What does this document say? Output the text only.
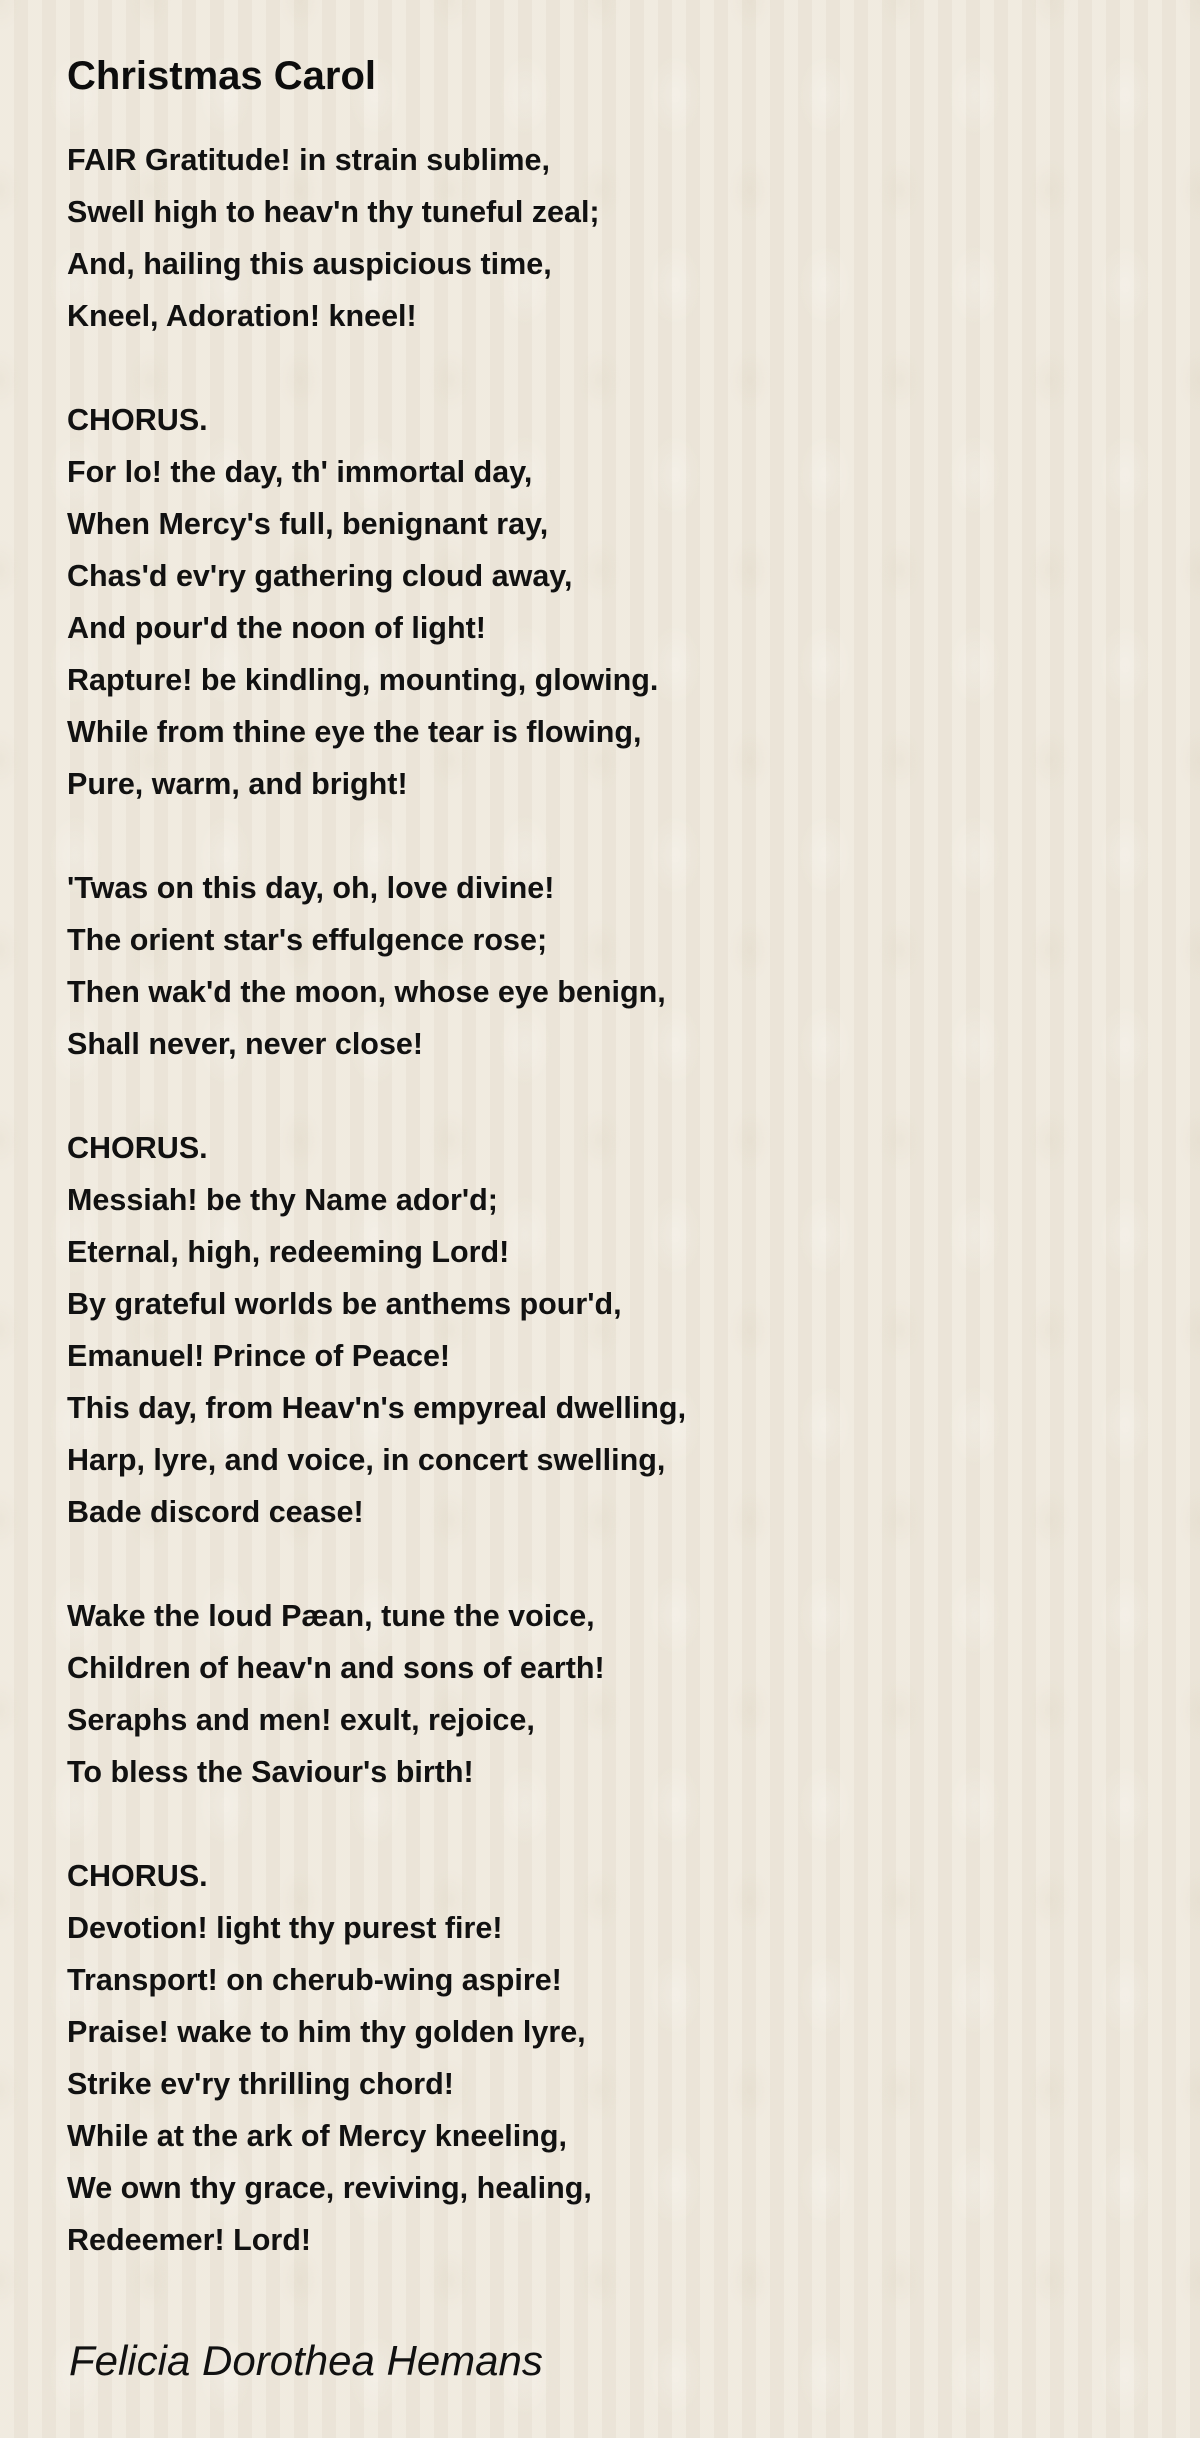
Christmas Carol
FAIR Gratitude! in strain sublime,
Swell high to heav'n thy tuneful zeal;
And, hailing this auspicious time,
Kneel, Adoration! kneel!
CHORUS.
For lo! the day, th' immortal day,
When Mercy's full, benignant ray,
Chas'd ev'ry gathering cloud away,
And pour'd the noon of light!
Rapture! be kindling, mounting, glowing.
While from thine eye the tear is flowing,
Pure, warm, and bright!
'Twas on this day, oh, love divine!
The orient star's effulgence rose;
Then wak'd the moon, whose eye benign,
Shall never, never close!
CHORUS.
Messiah! be thy Name ador'd;
Eternal, high, redeeming Lord!
By grateful worlds be anthems pour'd,
Emanuel! Prince of Peace!
This day, from Heav'n's empyreal dwelling,
Harp, lyre, and voice, in concert swelling,
Bade discord cease!
Wake the loud Pæan, tune the voice,
Children of heav'n and sons of earth!
Seraphs and men! exult, rejoice,
To bless the Saviour's birth!
CHORUS.
Devotion! light thy purest fire!
Transport! on cherub-wing aspire!
Praise! wake to him thy golden lyre,
Strike ev'ry thrilling chord!
While at the ark of Mercy kneeling,
We own thy grace, reviving, healing,
Redeemer! Lord!
Felicia Dorothea Hemans
